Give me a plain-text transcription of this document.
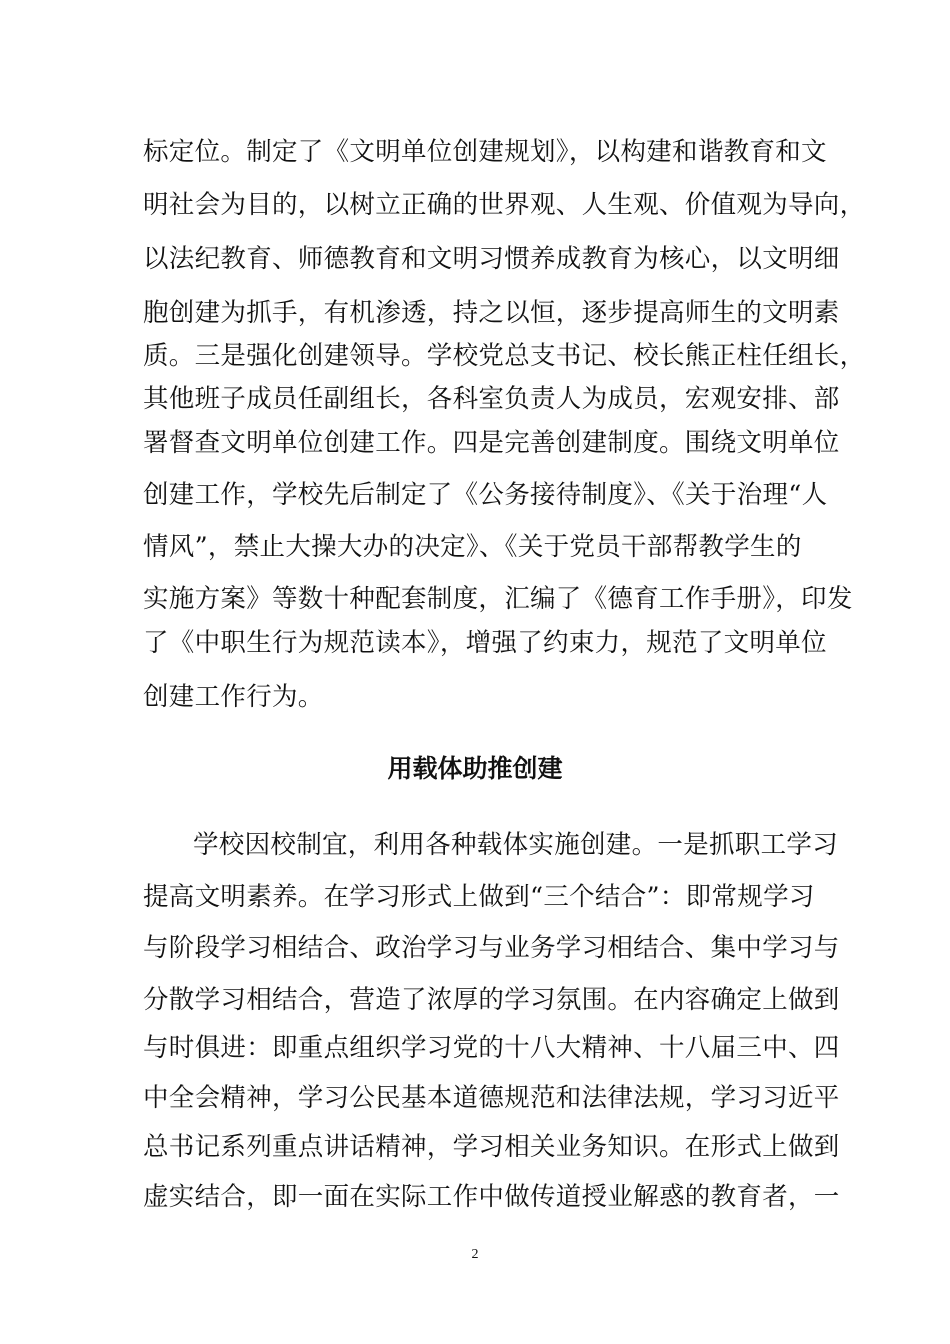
标定位。制定了《文明单位创建规划》，以构建和谐教育和文
明社会为目的，以树立正确的世界观、人生观、价值观为导向，
以法纪教育、师德教育和文明习惯养成教育为核心，以文明细
胞创建为抓手，有机渗透，持之以恒，逐步提高师生的文明素
质。三是强化创建领导。学校党总支书记、校长熊正柱任组长，
其他班子成员任副组长，各科室负责人为成员，宏观安排、部
署督查文明单位创建工作。四是完善创建制度。围绕文明单位
创建工作，学校先后制定了《公务接待制度》、《关于治理“人
情风”，禁止大操大办的决定》、《关于党员干部帮教学生的
实施方案》等数十种配套制度，汇编了《德育工作手册》，印发
了《中职生行为规范读本》，增强了约束力，规范了文明单位
创建工作行为。
用载体助推创建
学校因校制宜，利用各种载体实施创建。一是抓职工学习
提高文明素养。在学习形式上做到“三个结合”：即常规学习
与阶段学习相结合、政治学习与业务学习相结合、集中学习与
分散学习相结合，营造了浓厚的学习氛围。在内容确定上做到
与时俱进：即重点组织学习党的十八大精神、十八届三中、四
中全会精神，学习公民基本道德规范和法律法规，学习习近平
总书记系列重点讲话精神，学习相关业务知识。在形式上做到
虚实结合，即一面在实际工作中做传道授业解惑的教育者，一
2
